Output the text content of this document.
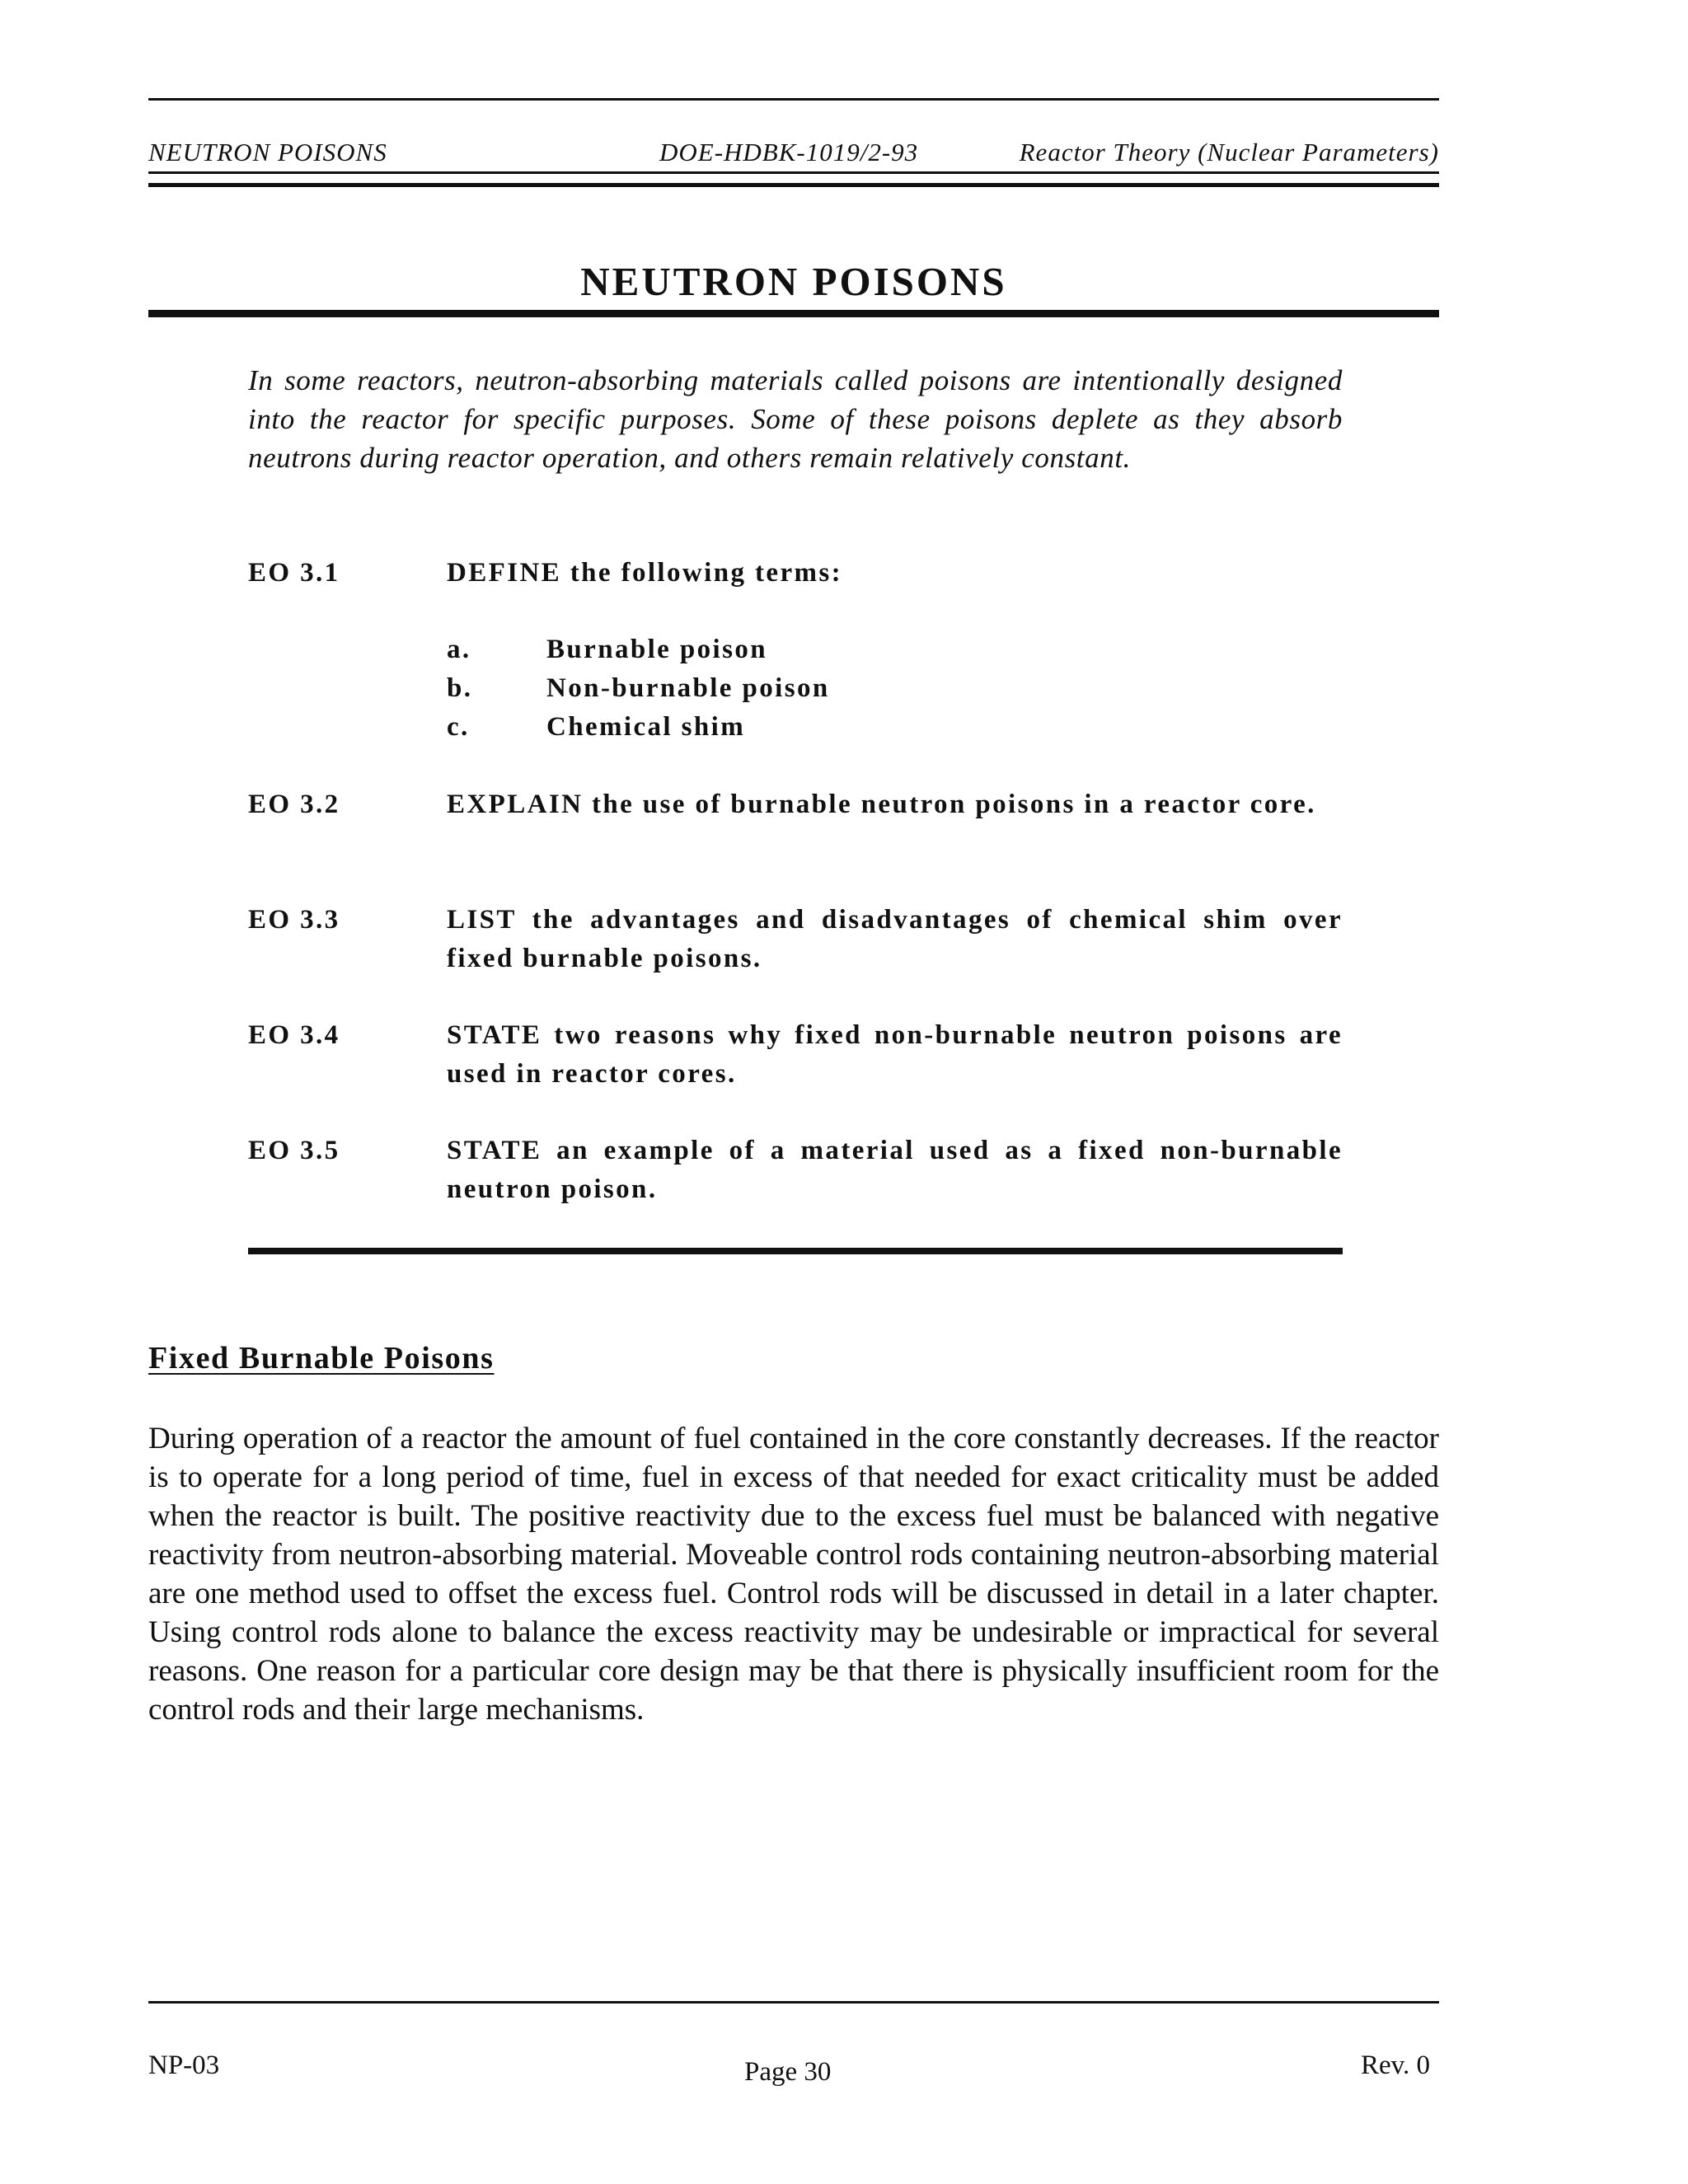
NEUTRON POISONS	DOE-HDBK-1019/2-93	Reactor Theory (Nuclear Parameters)
NEUTRON POISONS
In some reactors, neutron-absorbing materials called poisons are intentionally designed into the reactor for specific purposes. Some of these poisons deplete as they absorb neutrons during reactor operation, and others remain relatively constant.
EO 3.1	DEFINE the following terms:
a.	Burnable poison
b.	Non-burnable poison
c.	Chemical shim
EO 3.2	EXPLAIN the use of burnable neutron poisons in a reactor core.
EO 3.3	LIST the advantages and disadvantages of chemical shim over fixed burnable poisons.
EO 3.4	STATE two reasons why fixed non-burnable neutron poisons are used in reactor cores.
EO 3.5	STATE an example of a material used as a fixed non-burnable neutron poison.
Fixed Burnable Poisons
During operation of a reactor the amount of fuel contained in the core constantly decreases. If the reactor is to operate for a long period of time, fuel in excess of that needed for exact criticality must be added when the reactor is built. The positive reactivity due to the excess fuel must be balanced with negative reactivity from neutron-absorbing material. Moveable control rods containing neutron-absorbing material are one method used to offset the excess fuel. Control rods will be discussed in detail in a later chapter. Using control rods alone to balance the excess reactivity may be undesirable or impractical for several reasons. One reason for a particular core design may be that there is physically insufficient room for the control rods and their large mechanisms.
NP-03	Page 30	Rev. 0
